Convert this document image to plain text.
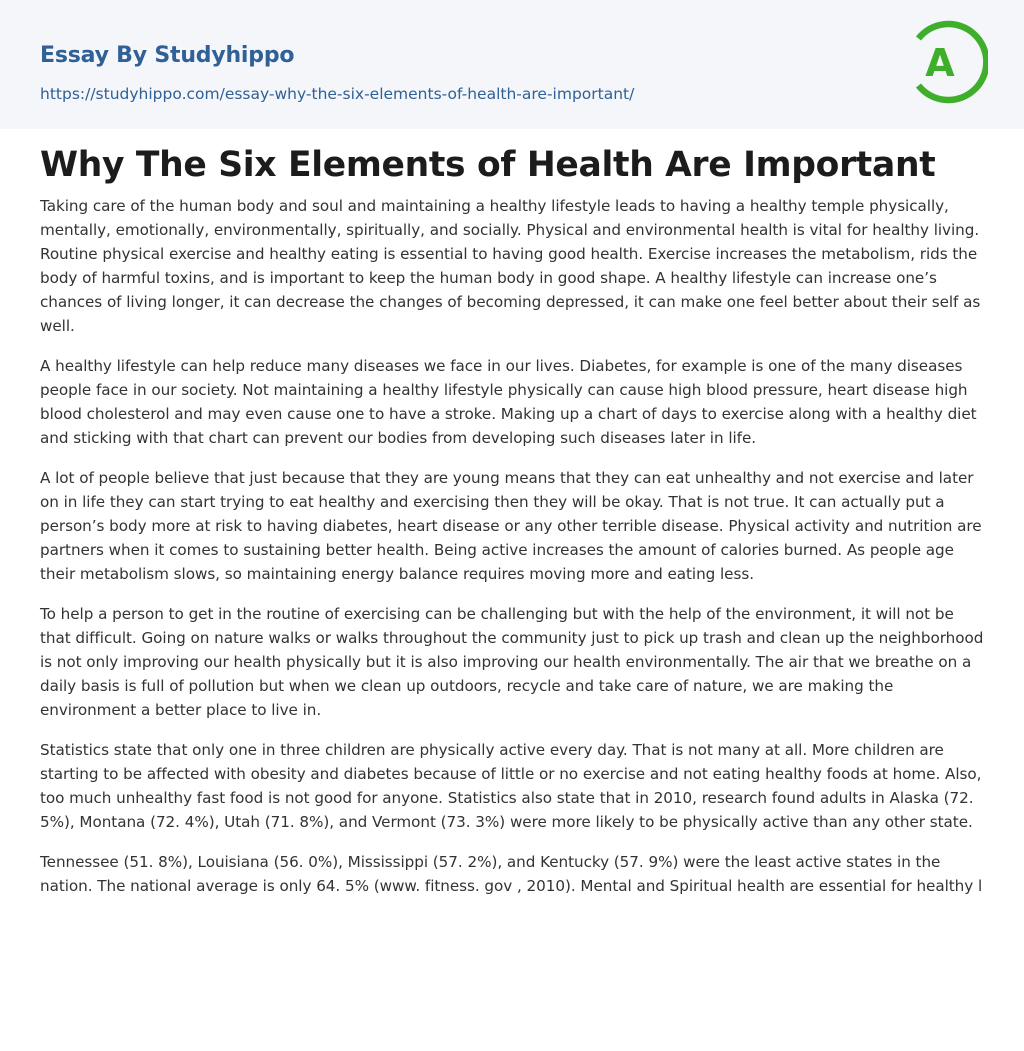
Essay By Studyhippo
https://studyhippo.com/essay-why-the-six-elements-of-health-are-important/
A
Why The Six Elements of Health Are Important

Taking care of the human body and soul and maintaining a healthy lifestyle leads to having a healthy temple physically, mentally, emotionally, environmentally, spiritually, and socially. Physical and environmental health is vital for healthy living. Routine physical exercise and healthy eating is essential to having good health. Exercise increases the metabolism, rids the body of harmful toxins, and is important to keep the human body in good shape. A healthy lifestyle can increase one’s chances of living longer, it can decrease the changes of becoming depressed, it can make one feel better about their self as well.

A healthy lifestyle can help reduce many diseases we face in our lives. Diabetes, for example is one of the many diseases people face in our society. Not maintaining a healthy lifestyle physically can cause high blood pressure, heart disease high blood cholesterol and may even cause one to have a stroke. Making up a chart of days to exercise along with a healthy diet and sticking with that chart can prevent our bodies from developing such diseases later in life.

A lot of people believe that just because that they are young means that they can eat unhealthy and not exercise and later on in life they can start trying to eat healthy and exercising then they will be okay. That is not true. It can actually put a person’s body more at risk to having diabetes, heart disease or any other terrible disease. Physical activity and nutrition are partners when it comes to sustaining better health. Being active increases the amount of calories burned. As people age their metabolism slows, so maintaining energy balance requires moving more and eating less.

To help a person to get in the routine of exercising can be challenging but with the help of the environment, it will not be that difficult. Going on nature walks or walks throughout the community just to pick up trash and clean up the neighborhood is not only improving our health physically but it is also improving our health environmentally. The air that we breathe on a daily basis is full of pollution but when we clean up outdoors, recycle and take care of nature, we are making the environment a better place to live in.

Statistics state that only one in three children are physically active every day. That is not many at all. More children are starting to be affected with obesity and diabetes because of little or no exercise and not eating healthy foods at home. Also, too much unhealthy fast food is not good for anyone. Statistics also state that in 2010, research found adults in Alaska (72. 5%), Montana (72. 4%), Utah (71. 8%), and Vermont (73. 3%) were more likely to be physically active than any other state.

Tennessee (51. 8%), Louisiana (56. 0%), Mississippi (57. 2%), and Kentucky (57. 9%) were the least active states in the nation. The national average is only 64. 5% (www. fitness. gov , 2010). Mental and Spiritual health are essential for healthy l
